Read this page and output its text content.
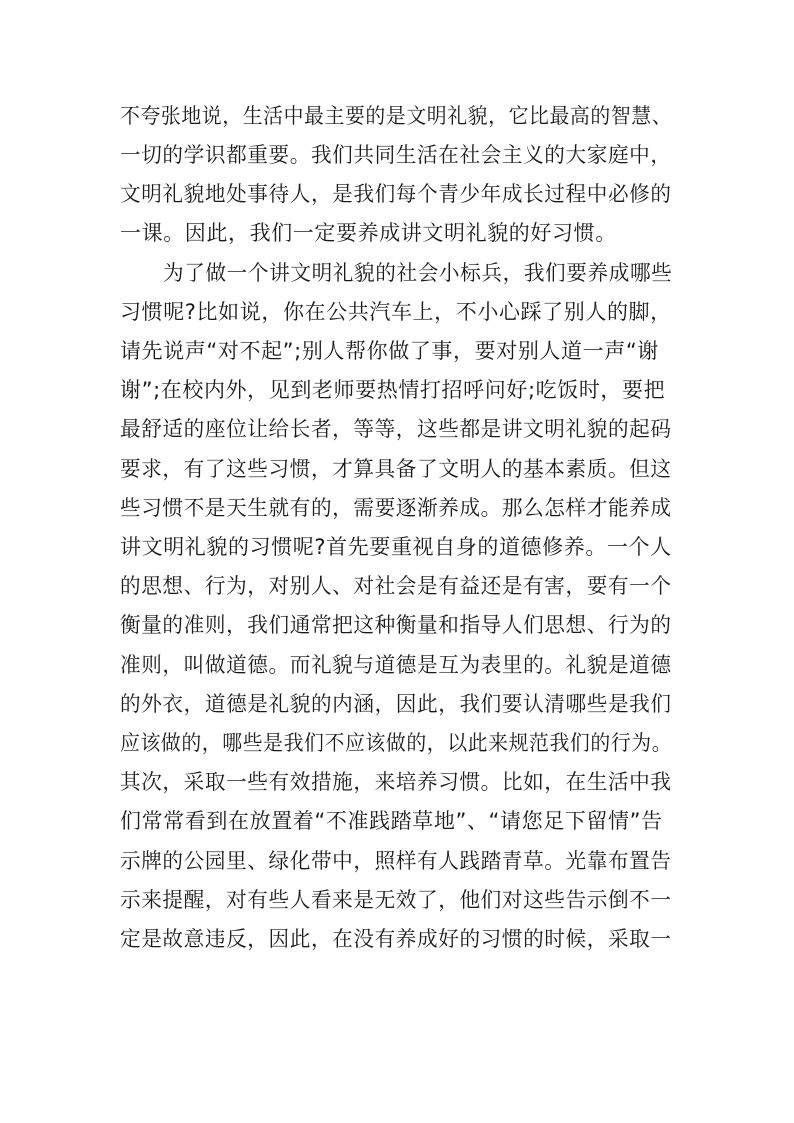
不夸张地说，生活中最主要的是文明礼貌，它比最高的智慧、
一切的学识都重要。我们共同生活在社会主义的大家庭中，
文明礼貌地处事待人，是我们每个青少年成长过程中必修的
一课。因此，我们一定要养成讲文明礼貌的好习惯。
为了做一个讲文明礼貌的社会小标兵，我们要养成哪些
习惯呢?比如说，你在公共汽车上，不小心踩了别人的脚，
请先说声“对不起”;别人帮你做了事，要对别人道一声“谢
谢”;在校内外，见到老师要热情打招呼问好;吃饭时，要把
最舒适的座位让给长者，等等，这些都是讲文明礼貌的起码
要求，有了这些习惯，才算具备了文明人的基本素质。但这
些习惯不是天生就有的，需要逐渐养成。那么怎样才能养成
讲文明礼貌的习惯呢?首先要重视自身的道德修养。一个人
的思想、行为，对别人、对社会是有益还是有害，要有一个
衡量的准则，我们通常把这种衡量和指导人们思想、行为的
准则，叫做道德。而礼貌与道德是互为表里的。礼貌是道德
的外衣，道德是礼貌的内涵，因此，我们要认清哪些是我们
应该做的，哪些是我们不应该做的，以此来规范我们的行为。
其次，采取一些有效措施，来培养习惯。比如，在生活中我
们常常看到在放置着“不准践踏草地”、“请您足下留情”告
示牌的公园里、绿化带中，照样有人践踏青草。光靠布置告
示来提醒，对有些人看来是无效了，他们对这些告示倒不一
定是故意违反，因此，在没有养成好的习惯的时候，采取一
